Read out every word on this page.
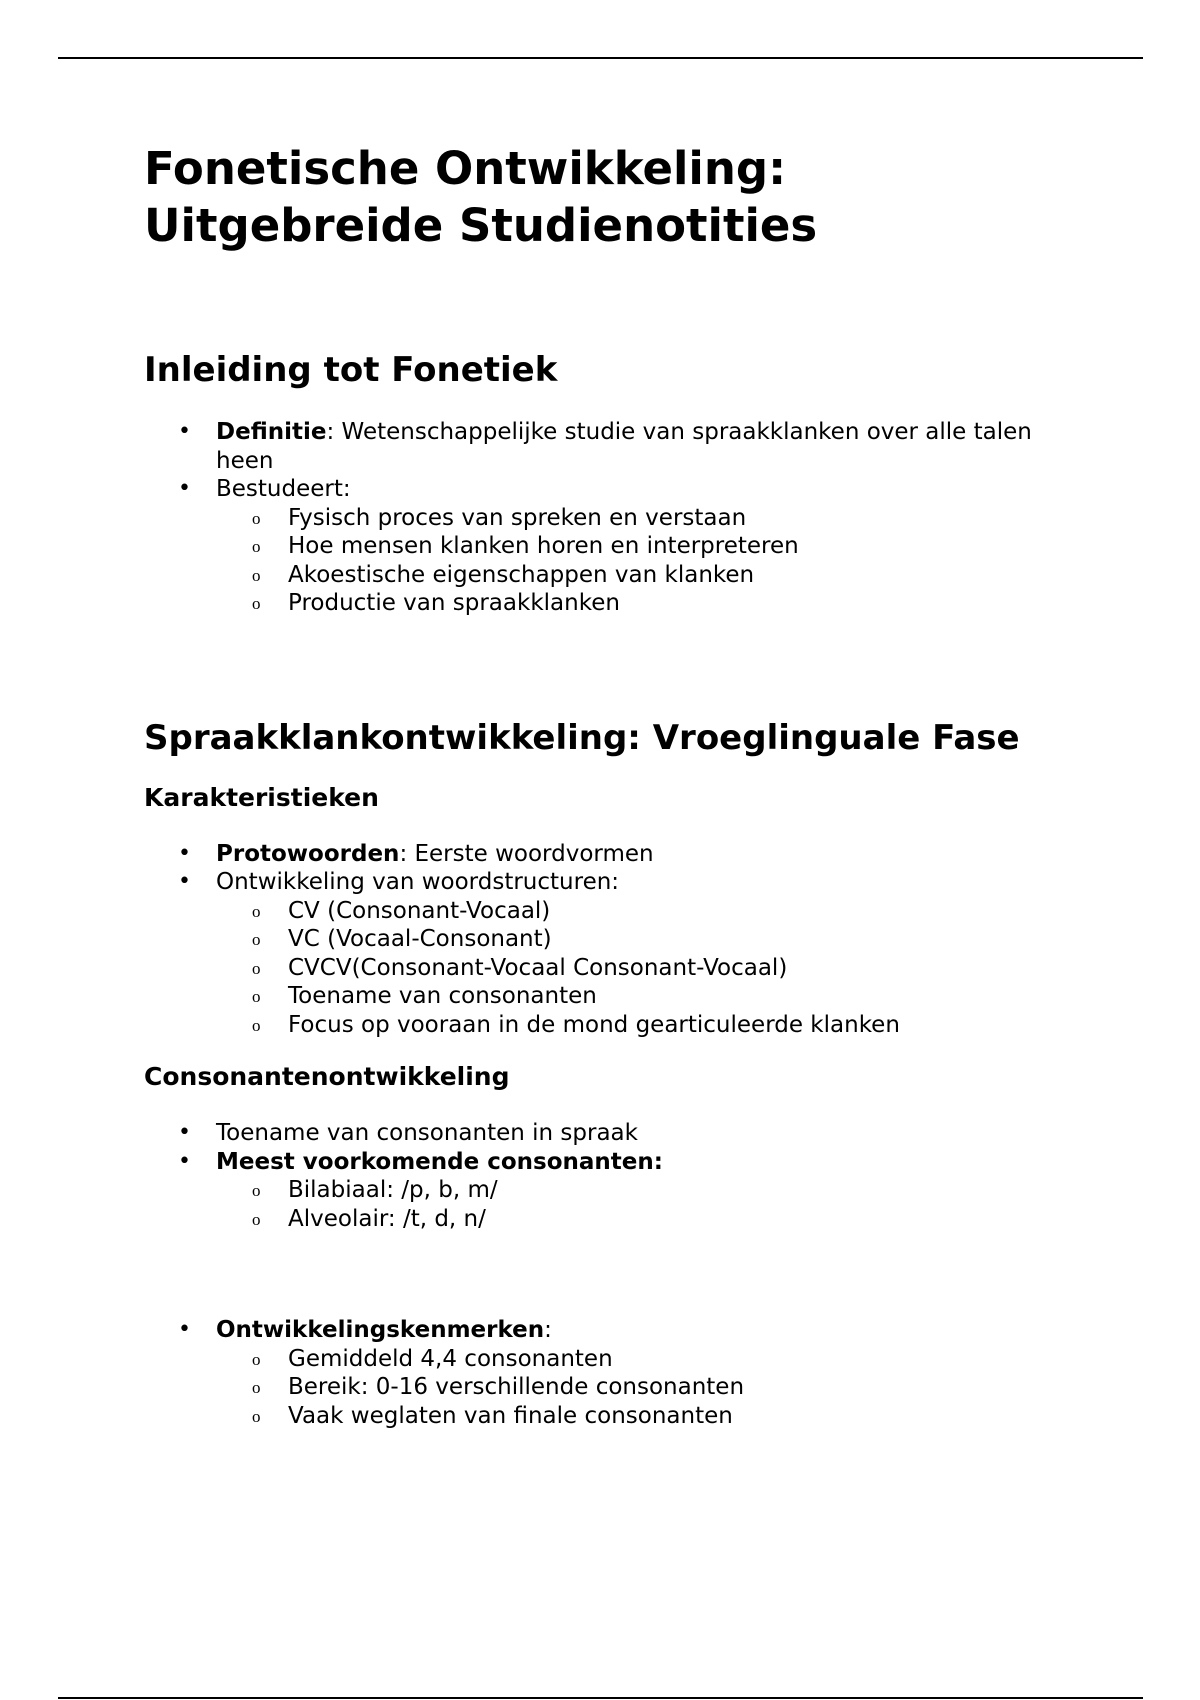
Fonetische Ontwikkeling:
Uitgebreide Studienotities
Inleiding tot Fonetiek
• Definitie: Wetenschappelijke studie van spraakklanken over alle talen heen
• Bestudeert:
o Fysisch proces van spreken en verstaan
o Hoe mensen klanken horen en interpreteren
o Akoestische eigenschappen van klanken
o Productie van spraakklanken
Spraakklankontwikkeling: Vroeglinguale Fase
Karakteristieken
• Protowoorden: Eerste woordvormen
• Ontwikkeling van woordstructuren:
o CV (Consonant-Vocaal)
o VC (Vocaal-Consonant)
o CVCV(Consonant-Vocaal Consonant-Vocaal)
o Toename van consonanten
o Focus op vooraan in de mond gearticuleerde klanken
Consonantenontwikkeling
• Toename van consonanten in spraak
• Meest voorkomende consonanten:
o Bilabiaal: /p, b, m/
o Alveolair: /t, d, n/
• Ontwikkelingskenmerken:
o Gemiddeld 4,4 consonanten
o Bereik: 0-16 verschillende consonanten
o Vaak weglaten van finale consonanten
